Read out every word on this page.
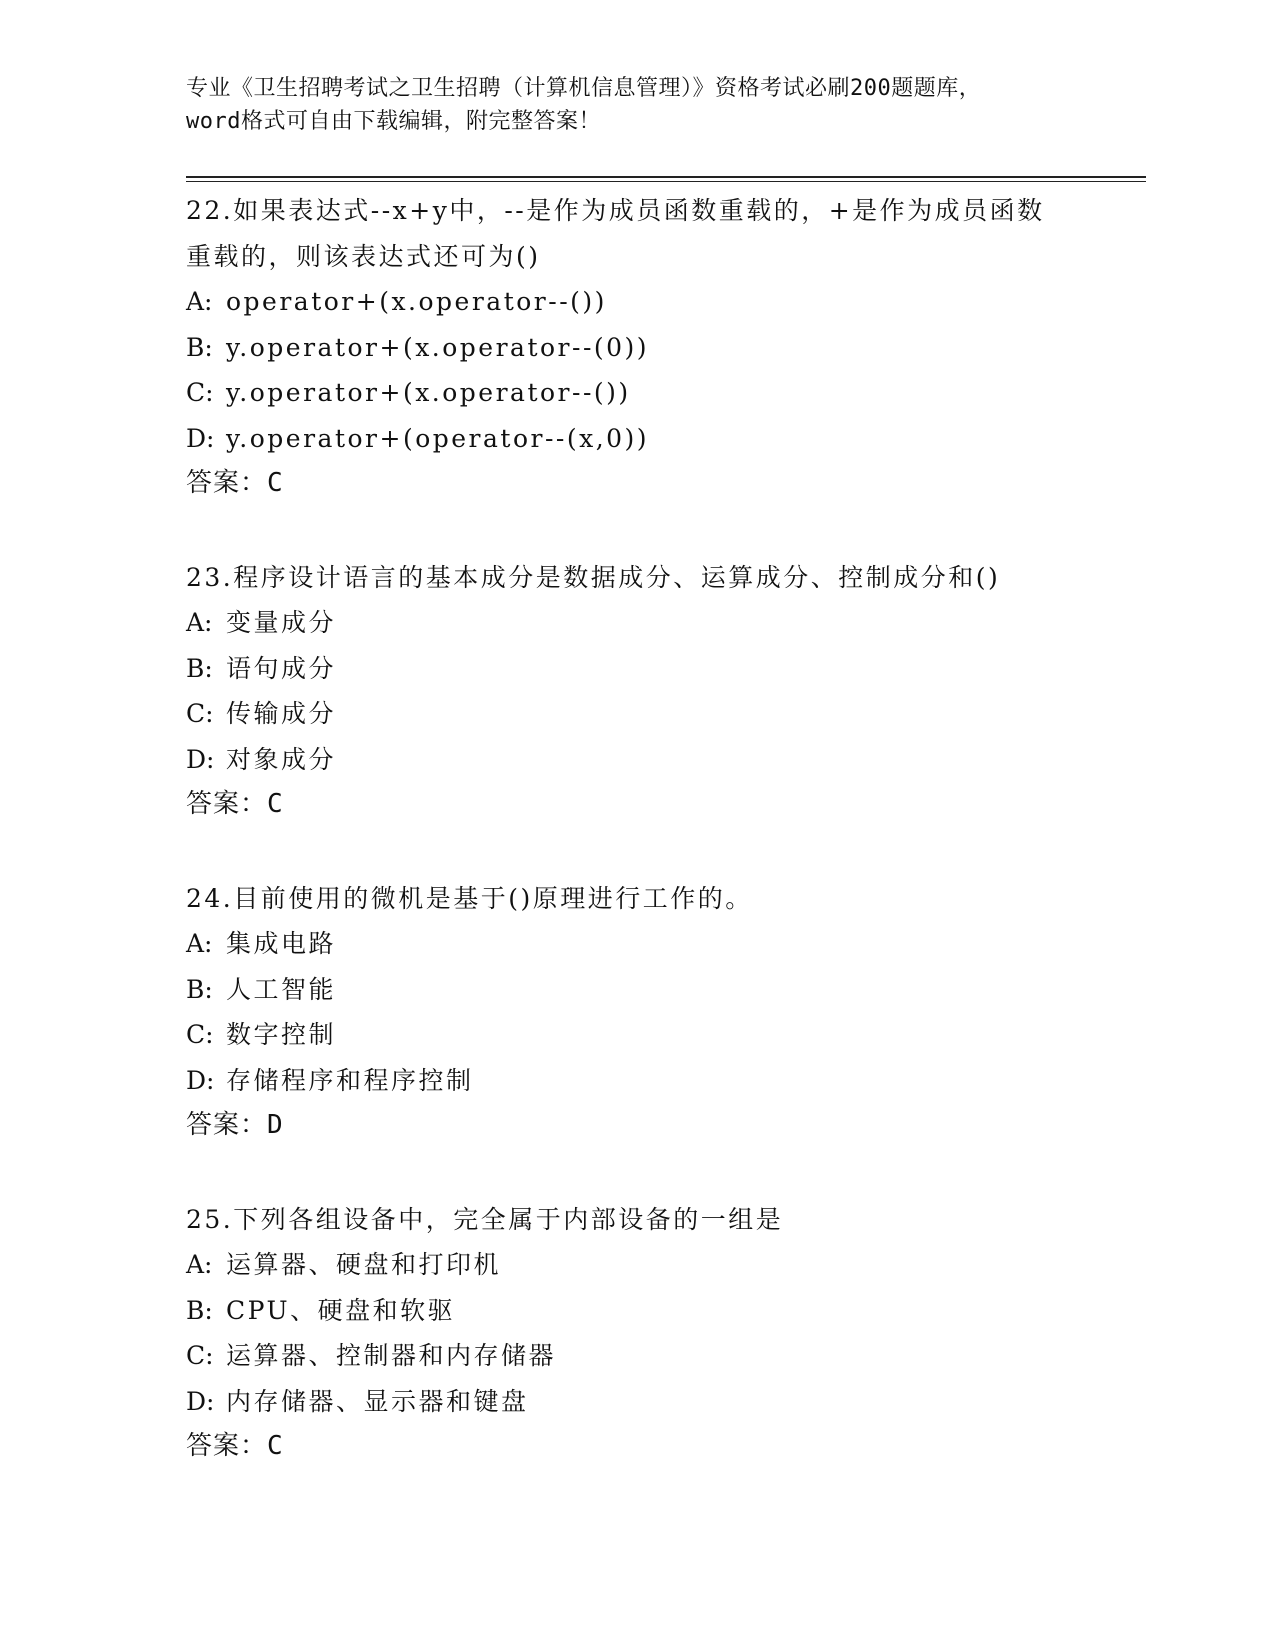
专业《卫生招聘考试之卫生招聘（计算机信息管理）》资格考试必刷200题题库，
word格式可自由下载编辑，附完整答案！
22.如果表达式--x+y中，--是作为成员函数重载的，+是作为成员函数
重载的，则该表达式还可为()
A: operator+(x.operator--())
B: y.operator+(x.operator--(0))
C: y.operator+(x.operator--())
D: y.operator+(operator--(x,0))
答案：C
23.程序设计语言的基本成分是数据成分、运算成分、控制成分和()
A: 变量成分
B: 语句成分
C: 传输成分
D: 对象成分
答案：C
24.目前使用的微机是基于()原理进行工作的。
A: 集成电路
B: 人工智能
C: 数字控制
D: 存储程序和程序控制
答案：D
25.下列各组设备中，完全属于内部设备的一组是
A: 运算器、硬盘和打印机
B: CPU、硬盘和软驱
C: 运算器、控制器和内存储器
D: 内存储器、显示器和键盘
答案：C
